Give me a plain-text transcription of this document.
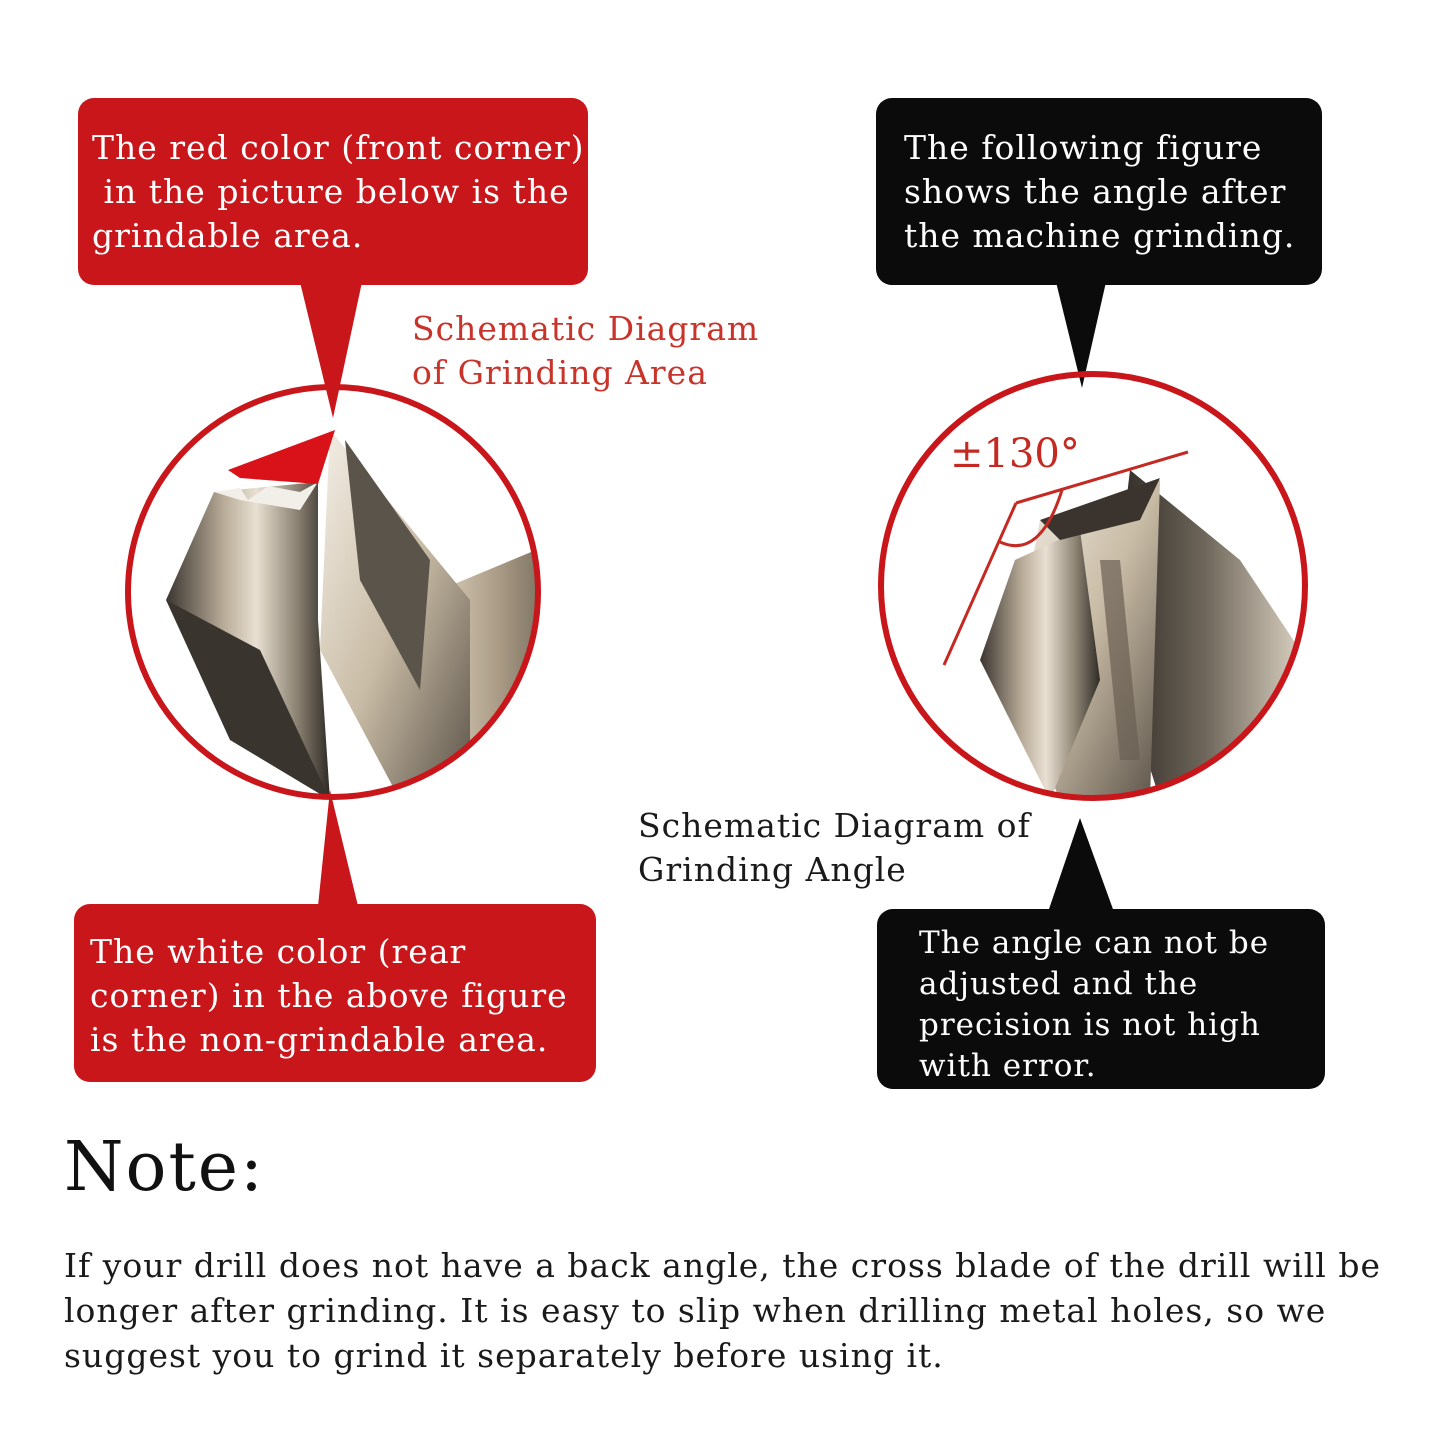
The red color (front corner)
in the picture below is the
grindable area.
The following figure
shows the angle after
the machine grinding.
The white color (rear
corner) in the above figure
is the non-grindable area.
The angle can not be
adjusted and the
precision is not high
with error.
Schematic Diagram
of Grinding Area
Schematic Diagram of
Grinding Angle
±130°
Note:
If your drill does not have a back angle, the cross blade of the drill will be
longer after grinding. It is easy to slip when drilling metal holes, so we
suggest you to grind it separately before using it.
